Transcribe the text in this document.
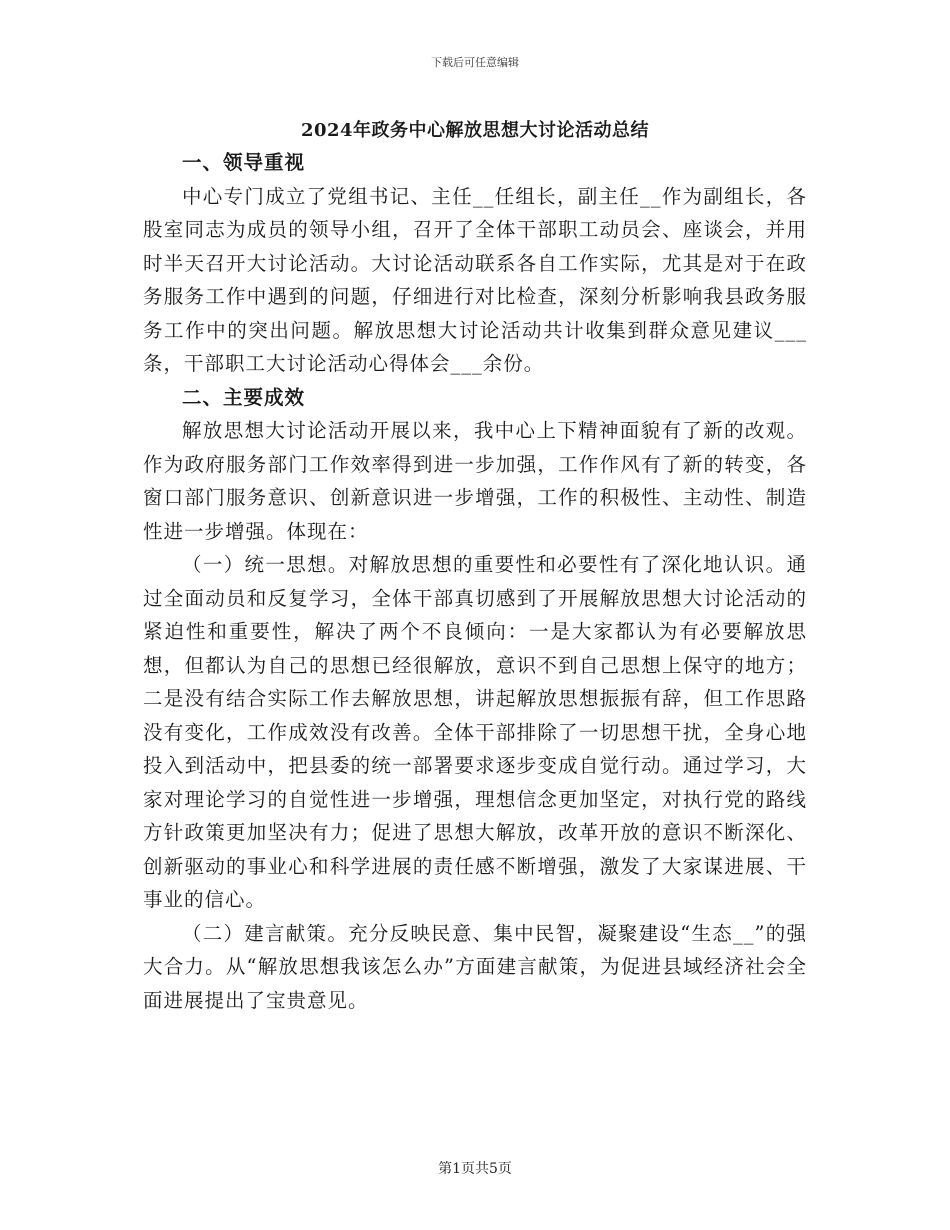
下载后可任意编辑
2024年政务中心解放思想大讨论活动总结
一、领导重视

中心专门成立了党组书记、主任__任组长，副主任__作为副组长，各股室同志为成员的领导小组，召开了全体干部职工动员会、座谈会，并用时半天召开大讨论活动。大讨论活动联系各自工作实际，尤其是对于在政务服务工作中遇到的问题，仔细进行对比检查，深刻分析影响我县政务服务工作中的突出问题。解放思想大讨论活动共计收集到群众意见建议___条，干部职工大讨论活动心得体会___余份。

二、主要成效

解放思想大讨论活动开展以来，我中心上下精神面貌有了新的改观。作为政府服务部门工作效率得到进一步加强，工作作风有了新的转变，各窗口部门服务意识、创新意识进一步增强，工作的积极性、主动性、制造性进一步增强。体现在：

（一）统一思想。对解放思想的重要性和必要性有了深化地认识。通过全面动员和反复学习，全体干部真切感到了开展解放思想大讨论活动的紧迫性和重要性，解决了两个不良倾向：一是大家都认为有必要解放思想，但都认为自己的思想已经很解放，意识不到自己思想上保守的地方；二是没有结合实际工作去解放思想，讲起解放思想振振有辞，但工作思路没有变化，工作成效没有改善。全体干部排除了一切思想干扰，全身心地投入到活动中，把县委的统一部署要求逐步变成自觉行动。通过学习，大家对理论学习的自觉性进一步增强，理想信念更加坚定，对执行党的路线方针政策更加坚决有力；促进了思想大解放，改革开放的意识不断深化、创新驱动的事业心和科学进展的责任感不断增强，激发了大家谋进展、干事业的信心。

（二）建言献策。充分反映民意、集中民智，凝聚建设“生态__”的强大合力。从“解放思想我该怎么办”方面建言献策，为促进县域经济社会全面进展提出了宝贵意见。

第1页共5页
